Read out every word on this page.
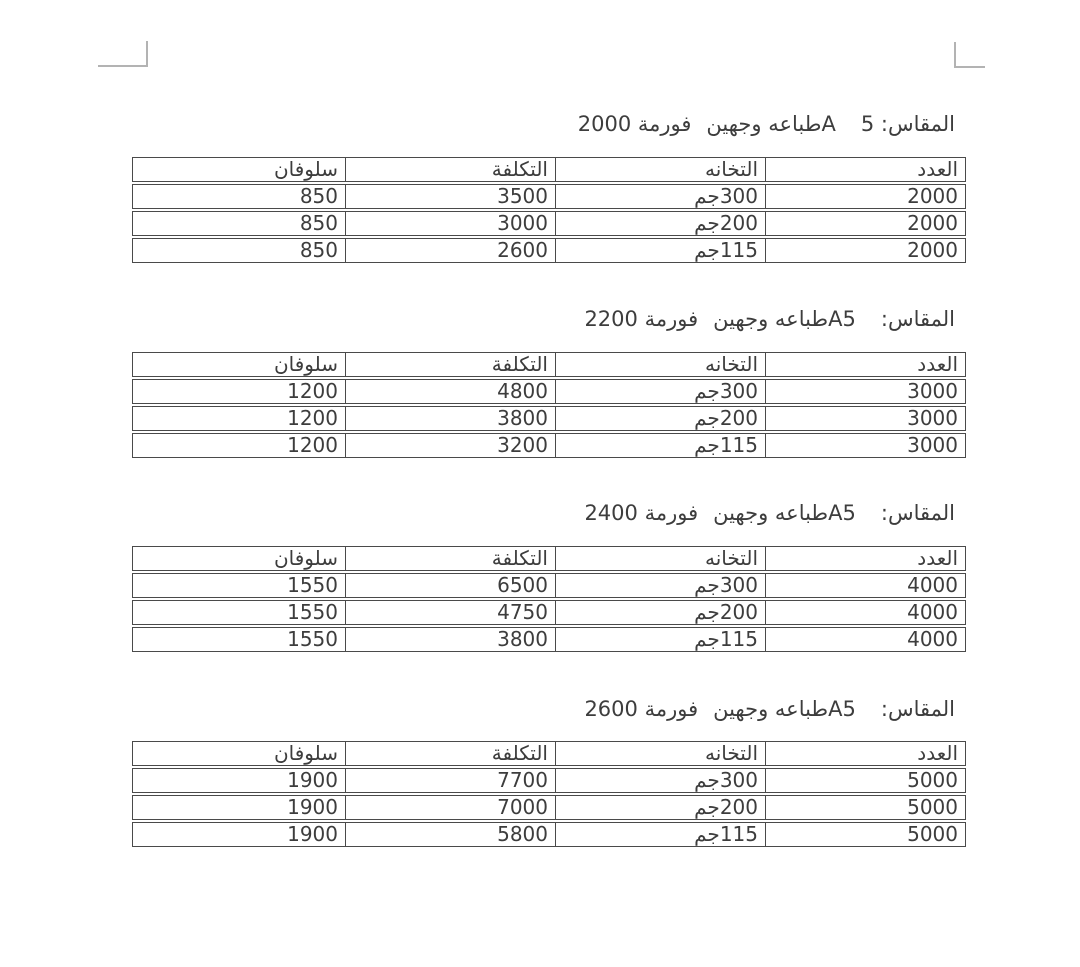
المقاس: 5Aطباعه وجهينفورمة 2000
العدد
التخانه
التكلفة
سلوفان
2000
300جم
3500
850
2000
200جم
3000
850
2000
115جم
2600
850
المقاس:A5طباعه وجهينفورمة 2200
العدد
التخانه
التكلفة
سلوفان
3000
300جم
4800
1200
3000
200جم
3800
1200
3000
115جم
3200
1200
المقاس:A5طباعه وجهينفورمة 2400
العدد
التخانه
التكلفة
سلوفان
4000
300جم
6500
1550
4000
200جم
4750
1550
4000
115جم
3800
1550
المقاس:A5طباعه وجهينفورمة 2600
العدد
التخانه
التكلفة
سلوفان
5000
300جم
7700
1900
5000
200جم
7000
1900
5000
115جم
5800
1900
